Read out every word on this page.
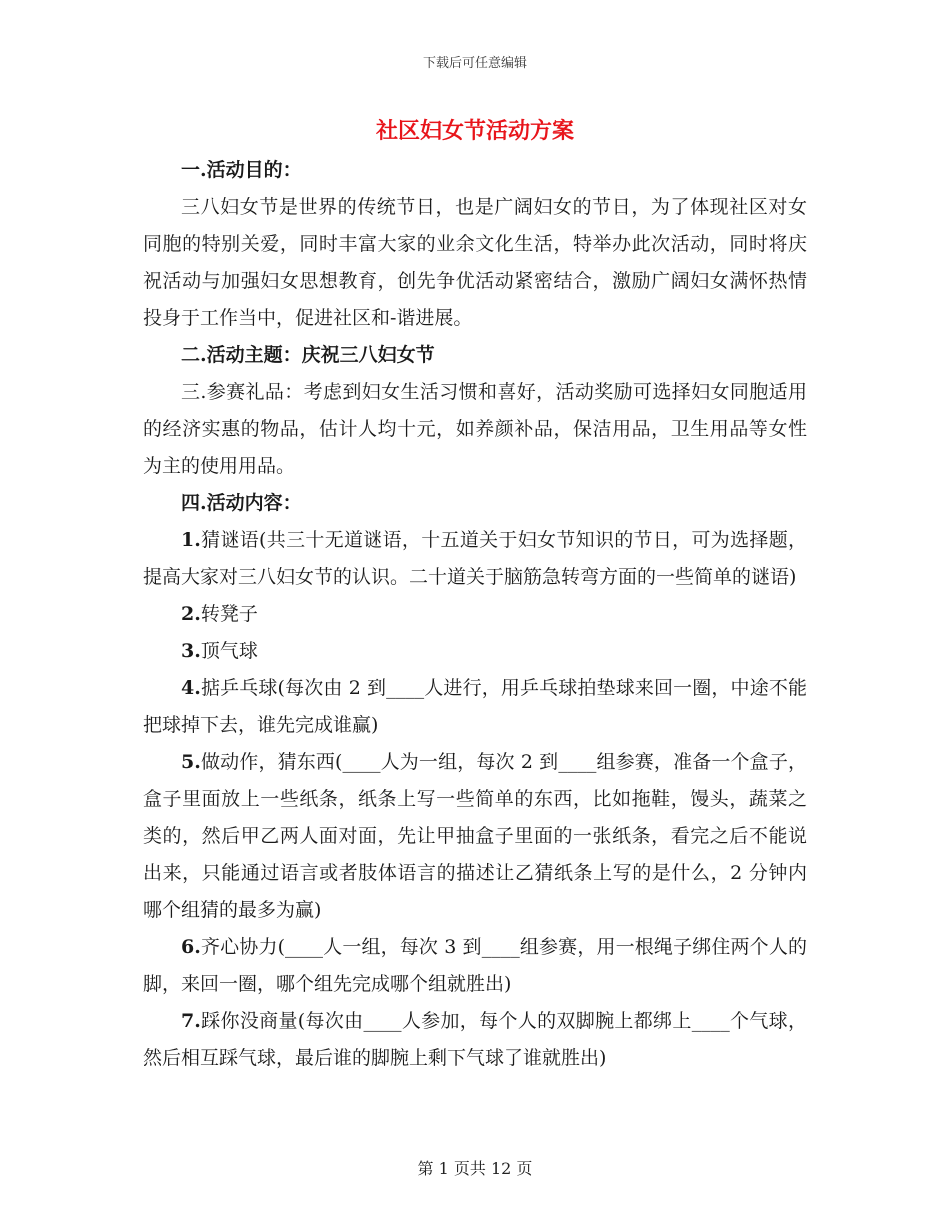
下载后可任意编辑
社区妇女节活动方案

一.活动目的：

三八妇女节是世界的传统节日，也是广阔妇女的节日，为了体现社区对女同胞的特别关爱，同时丰富大家的业余文化生活，特举办此次活动，同时将庆祝活动与加强妇女思想教育，创先争优活动紧密结合，激励广阔妇女满怀热情投身于工作当中，促进社区和-谐进展。

二.活动主题：庆祝三八妇女节

三.参赛礼品：考虑到妇女生活习惯和喜好，活动奖励可选择妇女同胞适用的经济实惠的物品，估计人均十元，如养颜补品，保洁用品，卫生用品等女性为主的使用用品。

四.活动内容：

1.猜谜语(共三十无道谜语，十五道关于妇女节知识的节日，可为选择题，提高大家对三八妇女节的认识。二十道关于脑筋急转弯方面的一些简单的谜语)

2.转凳子

3.顶气球

4.掂乒乓球(每次由 2 到____人进行，用乒乓球拍垫球来回一圈，中途不能把球掉下去，谁先完成谁赢)

5.做动作，猜东西(____人为一组，每次 2 到____组参赛，准备一个盒子，盒子里面放上一些纸条，纸条上写一些简单的东西，比如拖鞋，馒头，蔬菜之类的，然后甲乙两人面对面，先让甲抽盒子里面的一张纸条，看完之后不能说出来，只能通过语言或者肢体语言的描述让乙猜纸条上写的是什么，2 分钟内哪个组猜的最多为赢)

6.齐心协力(____人一组，每次 3 到____组参赛，用一根绳子绑住两个人的脚，来回一圈，哪个组先完成哪个组就胜出)

7.踩你没商量(每次由____人参加，每个人的双脚腕上都绑上____个气球，然后相互踩气球，最后谁的脚腕上剩下气球了谁就胜出)

第 1 页共 12 页
